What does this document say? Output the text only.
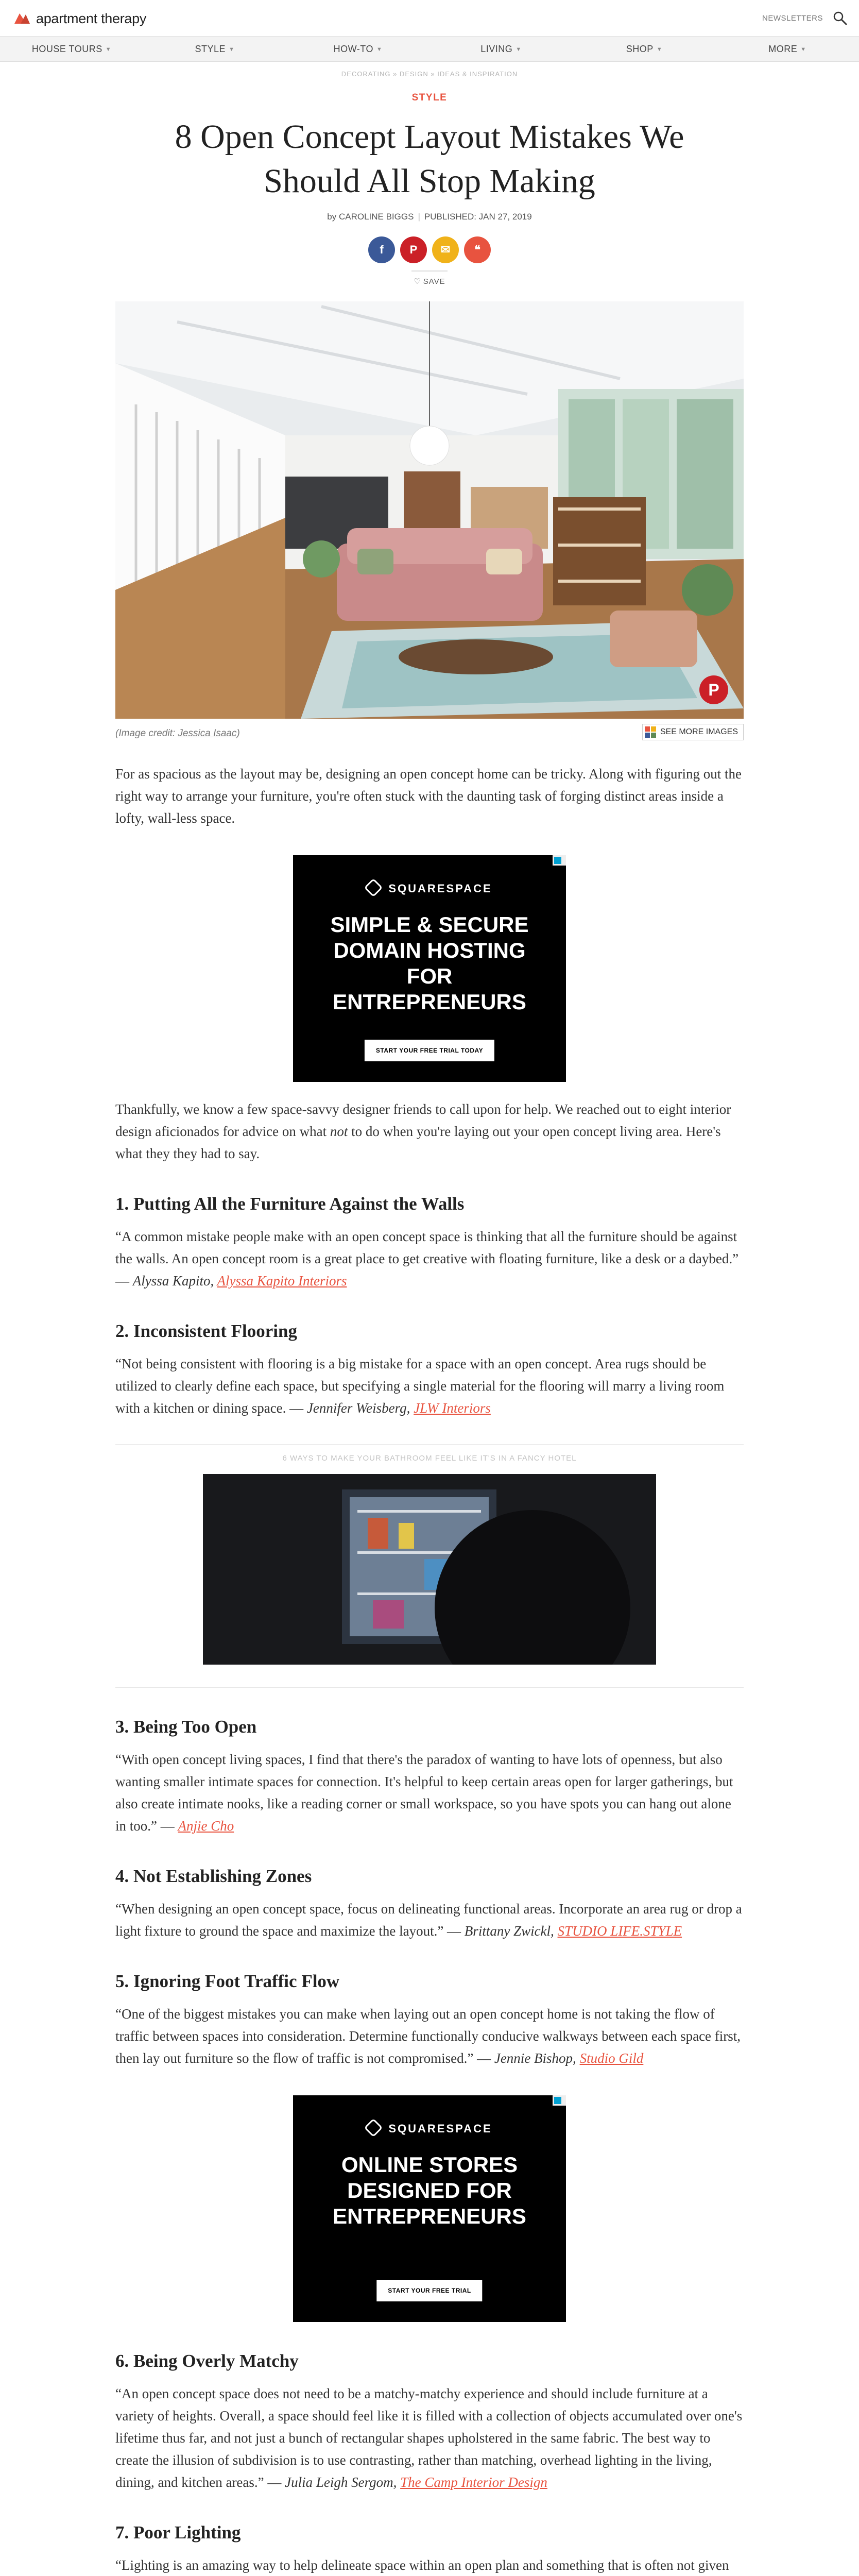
apartment therapy	NEWSLETTERS
HOUSE TOURS ▼	STYLE ▼	HOW-TO ▼	LIVING ▼	SHOP ▼	MORE ▼
DECORATING » DESIGN » IDEAS & INSPIRATION
STYLE
8 Open Concept Layout Mistakes We Should All Stop Making
by CAROLINE BIGGS | PUBLISHED: JAN 27, 2019
f	P	✉	❝
♡ SAVE
P
(Image credit: Jessica Isaac)	SEE MORE IMAGES

For as spacious as the layout may be, designing an open concept home can be tricky. Along with figuring out the right way to arrange your furniture, you're often stuck with the daunting task of forging distinct areas inside a lofty, wall-less space.

SQUARESPACE
SIMPLE & SECURE DOMAIN HOSTING FOR ENTREPRENEURS
START YOUR FREE TRIAL TODAY

Thankfully, we know a few space-savvy designer friends to call upon for help. We reached out to eight interior design aficionados for advice on what not to do when you're laying out your open concept living area. Here's what they they had to say.

1. Putting All the Furniture Against the Walls

“A common mistake people make with an open concept space is thinking that all the furniture should be against the walls. An open concept room is a great place to get creative with floating furniture, like a desk or a daybed.” — Alyssa Kapito, Alyssa Kapito Interiors

2. Inconsistent Flooring

“Not being consistent with flooring is a big mistake for a space with an open concept. Area rugs should be utilized to clearly define each space, but specifying a single material for the flooring will marry a living room with a kitchen or dining space. — Jennifer Weisberg, JLW Interiors

6 WAYS TO MAKE YOUR BATHROOM FEEL LIKE IT'S IN A FANCY HOTEL
3. Being Too Open

“With open concept living spaces, I find that there's the paradox of wanting to have lots of openness, but also wanting smaller intimate spaces for connection. It's helpful to keep certain areas open for larger gatherings, but also create intimate nooks, like a reading corner or small workspace, so you have spots you can hang out alone in too.” — Anjie Cho

4. Not Establishing Zones

“When designing an open concept space, focus on delineating functional areas. Incorporate an area rug or drop a light fixture to ground the space and maximize the layout.” — Brittany Zwickl, STUDIO LIFE.STYLE

5. Ignoring Foot Traffic Flow

“One of the biggest mistakes you can make when laying out an open concept home is not taking the flow of traffic between spaces into consideration. Determine functionally conducive walkways between each space first, then lay out furniture so the flow of traffic is not compromised.” — Jennie Bishop, Studio Gild

SQUARESPACE
ONLINE STORES DESIGNED FOR ENTREPRENEURS
START YOUR FREE TRIAL
6. Being Overly Matchy

“An open concept space does not need to be a matchy-matchy experience and should include furniture at a variety of heights. Overall, a space should feel like it is filled with a collection of objects accumulated over one's lifetime thus far, and not just a bunch of rectangular shapes upholstered in the same fabric. The best way to create the illusion of subdivision is to use contrasting, rather than matching, overhead lighting in the living, dining, and kitchen areas.” — Julia Leigh Sergom, The Camp Interior Design

7. Poor Lighting

“Lighting is an amazing way to help delineate space within an open plan and something that is often not given
